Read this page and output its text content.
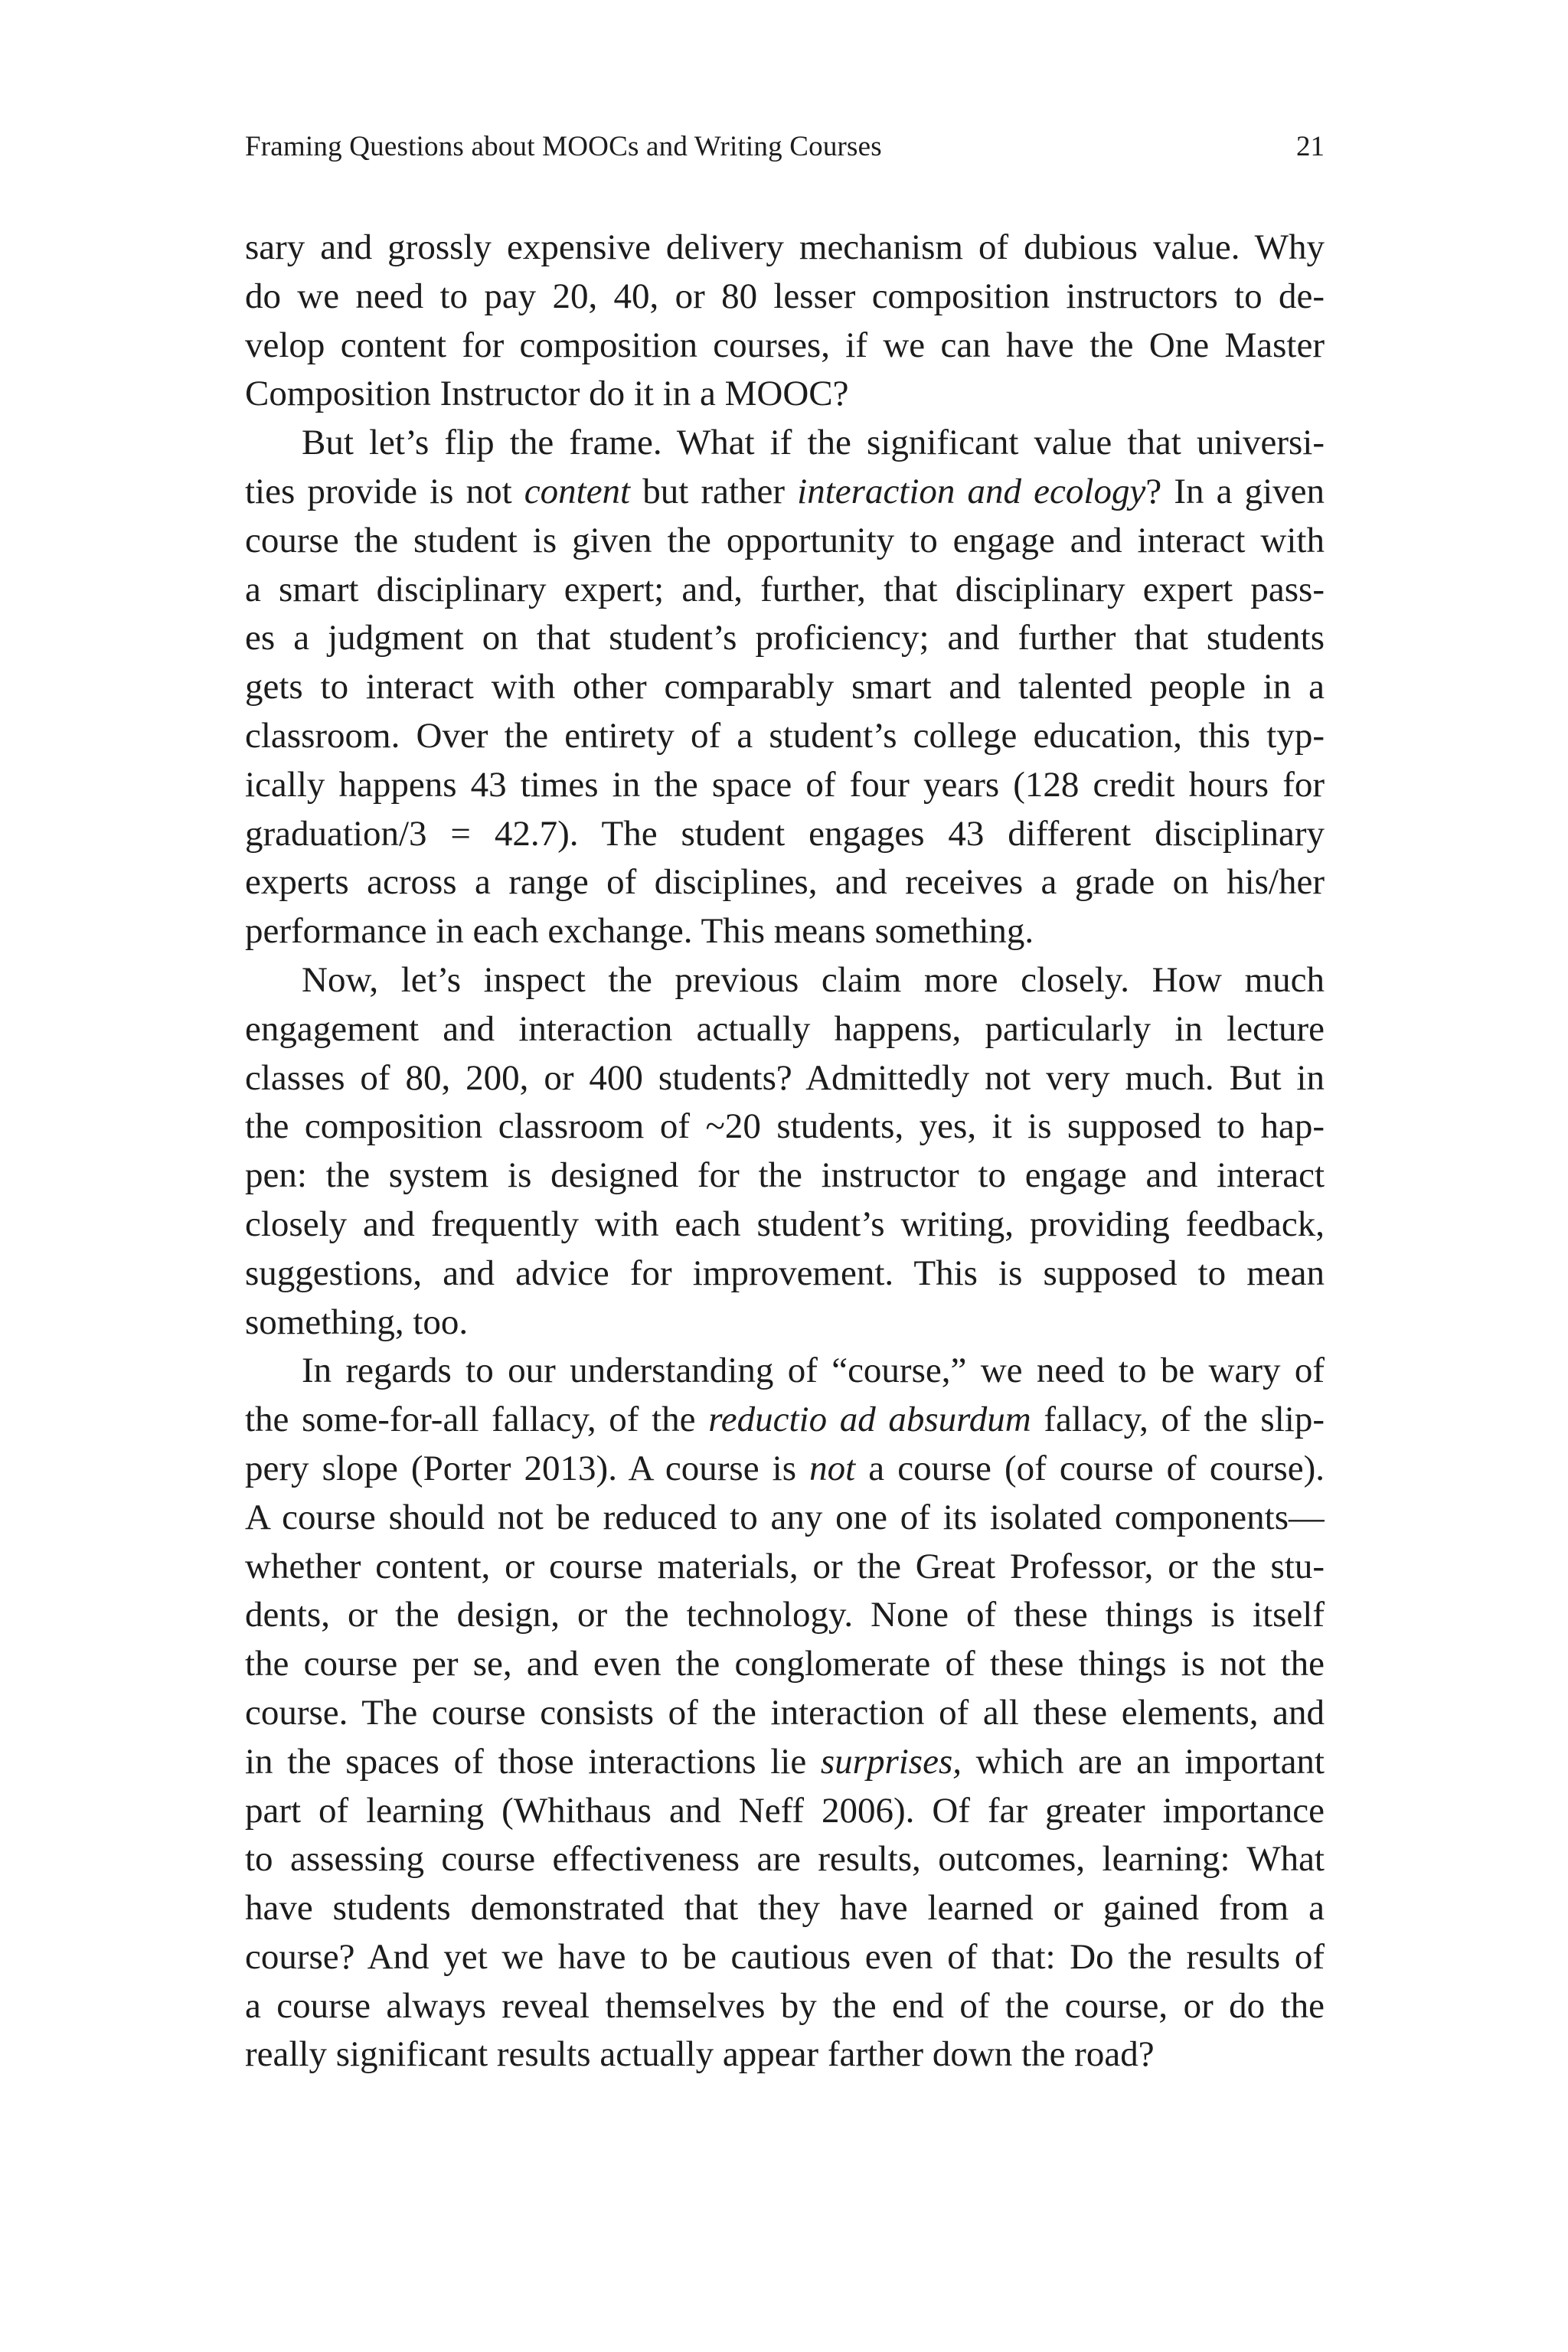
Framing Questions about MOOCs and Writing Courses	21
sary and grossly expensive delivery mechanism of dubious value. Why
do we need to pay 20, 40, or 80 lesser composition instructors to de-
velop content for composition courses, if we can have the One Master
Composition Instructor do it in a MOOC?
But let’s flip the frame. What if the significant value that universi-
ties provide is not content but rather interaction and ecology? In a given
course the student is given the opportunity to engage and interact with
a smart disciplinary expert; and, further, that disciplinary expert pass-
es a judgment on that student’s proficiency; and further that students
gets to interact with other comparably smart and talented people in a
classroom. Over the entirety of a student’s college education, this typ-
ically happens 43 times in the space of four years (128 credit hours for
graduation/3 = 42.7). The student engages 43 different disciplinary
experts across a range of disciplines, and receives a grade on his/her
performance in each exchange. This means something.
Now, let’s inspect the previous claim more closely. How much
engagement and interaction actually happens, particularly in lecture
classes of 80, 200, or 400 students? Admittedly not very much. But in
the composition classroom of ~20 students, yes, it is supposed to hap-
pen: the system is designed for the instructor to engage and interact
closely and frequently with each student’s writing, providing feedback,
suggestions, and advice for improvement. This is supposed to mean
something, too.
In regards to our understanding of “course,” we need to be wary of
the some-for-all fallacy, of the reductio ad absurdum fallacy, of the slip-
pery slope (Porter 2013). A course is not a course (of course of course).
A course should not be reduced to any one of its isolated components—
whether content, or course materials, or the Great Professor, or the stu-
dents, or the design, or the technology. None of these things is itself
the course per se, and even the conglomerate of these things is not the
course. The course consists of the interaction of all these elements, and
in the spaces of those interactions lie surprises, which are an important
part of learning (Whithaus and Neff 2006). Of far greater importance
to assessing course effectiveness are results, outcomes, learning: What
have students demonstrated that they have learned or gained from a
course? And yet we have to be cautious even of that: Do the results of
a course always reveal themselves by the end of the course, or do the
really significant results actually appear farther down the road?
